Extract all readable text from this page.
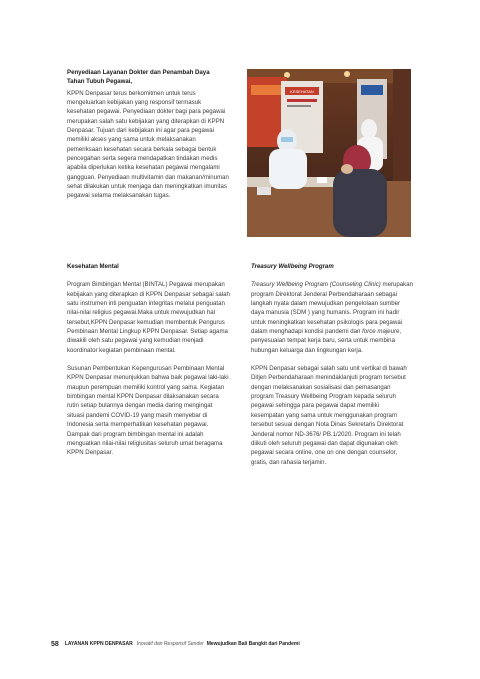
Penyediaan Layanan Dokter dan Penambah Daya
Tahan Tubuh Pegawai,

KPPN Denpasar terus berkomitmen untuk terus mengeluarkan kebijakan yang responsif termasuk kesehatan pegawai. Penyediaan dokter bagi para pegawai merupakan salah satu kebijakan yang diterapkan di KPPN Denpasar. Tujuan dari kebijakan ini agar para pegawai memiliki akses yang sama untuk melaksanakan pemeriksaan kesehatan secara berkala sebagai bentuk pencegahan serta segera mendapatkan tindakan medis apabila diperlukan ketika kesehatan pegawai mengalami gangguan. Penyediaan multivitamin dan makanan/minuman sehat dilakukan untuk menjaga dan meningkatkan imunitas pegawai selama melaksanakan tugas.

KESEHATAN

Kesehatan Mental

Program Bimbingan Mental (BINTAL) Pegawai merupakan kebijakan yang diterapkan di KPPN Denpasar sebagai salah satu instrumen inti penguatan integritas melalui penguatan nilai-nilai religius pegawai.Maka untuk mewujudkan hal tersebut,KPPN Denpasar kemudian membentuk Pengurus Pembinaan Mental Lingkup KPPN Denpasar. Setiap agama diwakili oleh satu pegawai yang kemudian menjadi koordinator kegiatan pembinaan mental.

Susunan Pembentukan Kepengurusan Pembinaan Mental KPPN Denpasar menunjukkan bahwa baik pegawai laki-laki maupun perempuan memiliki kontrol yang sama. Kegiatan bimbingan mental KPPN Denpasar dilaksanakan secara rutin setiap bulannya dengan media daring mengingat situasi pandemi COVID-19 yang masih menyebar di Indonesia serta memperhatikan kesehatan pegawai. Dampak dari program bimbingan mental ini adalah menguatkan nilai-nilai religiusitas seluruh umat beragama KPPN Denpasar.

Treasury Wellbeing Program

Treasury Wellbeing Program (Counseling Clinic) merupakan program Direktorat Jenderal Perbendaharaan sebagai langkah nyata dalam mewujudkan pengelolaan sumber daya manusia (SDM ) yang humanis. Program ini hadir untuk meningkatkan kesehatan psikologis para pegawai dalam menghadapi kondisi pandemi dan force majeure, penyesuaian tempat kerja baru, serta untuk membina hubungan keluarga dan lingkungan kerja.

KPPN Denpasar sebagai salah satu unit vertikal di bawah Ditjen Perbendaharaan menindaklanjuti program tersebut dengan melaksanakan sosialisasi dan pemasangan program Treasury Wellbeing Program kepada seluruh pegawai sehingga para pegawai dapat memiliki kesempatan yang sama untuk menggunakan program tersebut sesuai dengan Nota Dinas Sekretaris Direktorat Jenderal nomor ND-3676/ PB.1/2020. Program ini telah diikuti oleh seluruh pegawai dan dapat digunakan oleh pegawai secara online, one on one dengan counselor, gratis, dan rahasia terjamin.

58 LAYANAN KPPN DENPASAR Inovatif dan Responsif Sender Mewujudkan Bali Bangkit dari Pandemi
